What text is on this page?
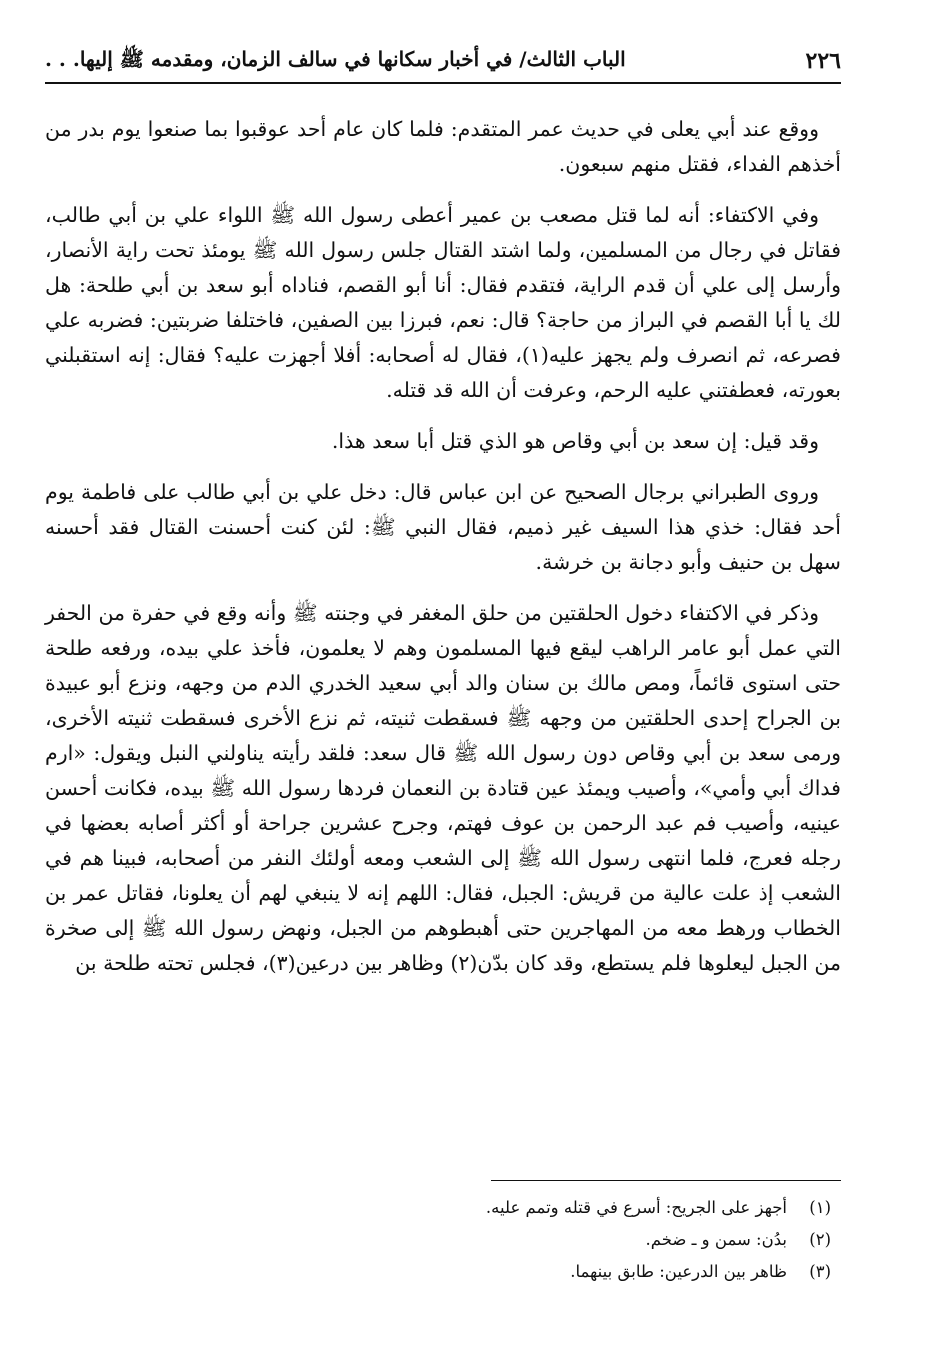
٢٢٦
الباب الثالث/ في أخبار سكانها في سالف الزمان، ومقدمه ﷺ إليها. . .

ووقع عند أبي يعلى في حديث عمر المتقدم: فلما كان عام أحد عوقبوا بما صنعوا يوم بدر من أخذهم الفداء، فقتل منهم سبعون.

وفي الاكتفاء: أنه لما قتل مصعب بن عمير أعطى رسول الله ﷺ اللواء علي بن أبي طالب، فقاتل في رجال من المسلمين، ولما اشتد القتال جلس رسول الله ﷺ يومئذ تحت راية الأنصار، وأرسل إلى علي أن قدم الراية، فتقدم فقال: أنا أبو القصم، فناداه أبو سعد بن أبي طلحة: هل لك يا أبا القصم في البراز من حاجة؟ قال: نعم، فبرزا بين الصفين، فاختلفا ضربتين: فضربه علي فصرعه، ثم انصرف ولم يجهز عليه(١)، فقال له أصحابه: أفلا أجهزت عليه؟ فقال: إنه استقبلني بعورته، فعطفتني عليه الرحم، وعرفت أن الله قد قتله.

وقد قيل: إن سعد بن أبي وقاص هو الذي قتل أبا سعد هذا.

وروى الطبراني برجال الصحيح عن ابن عباس قال: دخل علي بن أبي طالب على فاطمة يوم أحد فقال: خذي هذا السيف غير ذميم، فقال النبي ﷺ: لئن كنت أحسنت القتال فقد أحسنه سهل بن حنيف وأبو دجانة بن خرشة.

وذكر في الاكتفاء دخول الحلقتين من حلق المغفر في وجنته ﷺ وأنه وقع في حفرة من الحفر التي عمل أبو عامر الراهب ليقع فيها المسلمون وهم لا يعلمون، فأخذ علي بيده، ورفعه طلحة حتى استوى قائماً، ومص مالك بن سنان والد أبي سعيد الخدري الدم من وجهه، ونزع أبو عبيدة بن الجراح إحدى الحلقتين من وجهه ﷺ فسقطت ثنيته، ثم نزع الأخرى فسقطت ثنيته الأخرى، ورمى سعد بن أبي وقاص دون رسول الله ﷺ قال سعد: فلقد رأيته يناولني النبل ويقول: «ارم فداك أبي وأمي»، وأصيب ويمئذ عين قتادة بن النعمان فردها رسول الله ﷺ بيده، فكانت أحسن عينيه، وأصيب فم عبد الرحمن بن عوف فهتم، وجرح عشرين جراحة أو أكثر أصابه بعضها في رجله فعرج، فلما انتهى رسول الله ﷺ إلى الشعب ومعه أولئك النفر من أصحابه، فبينا هم في الشعب إذ علت عالية من قريش: الجبل، فقال: اللهم إنه لا ينبغي لهم أن يعلونا، فقاتل عمر بن الخطاب ورهط معه من المهاجرين حتى أهبطوهم من الجبل، ونهض رسول الله ﷺ إلى صخرة من الجبل ليعلوها فلم يستطع، وقد كان بدّن(٢) وظاهر بين درعين(٣)، فجلس تحته طلحة بن

(١)
أجهز على الجريح: أسرع في قتله وتمم عليه.
(٢)
بدُن: سمن و ـ ضخم.
(٣)
ظاهر بين الدرعين: طابق بينهما.
